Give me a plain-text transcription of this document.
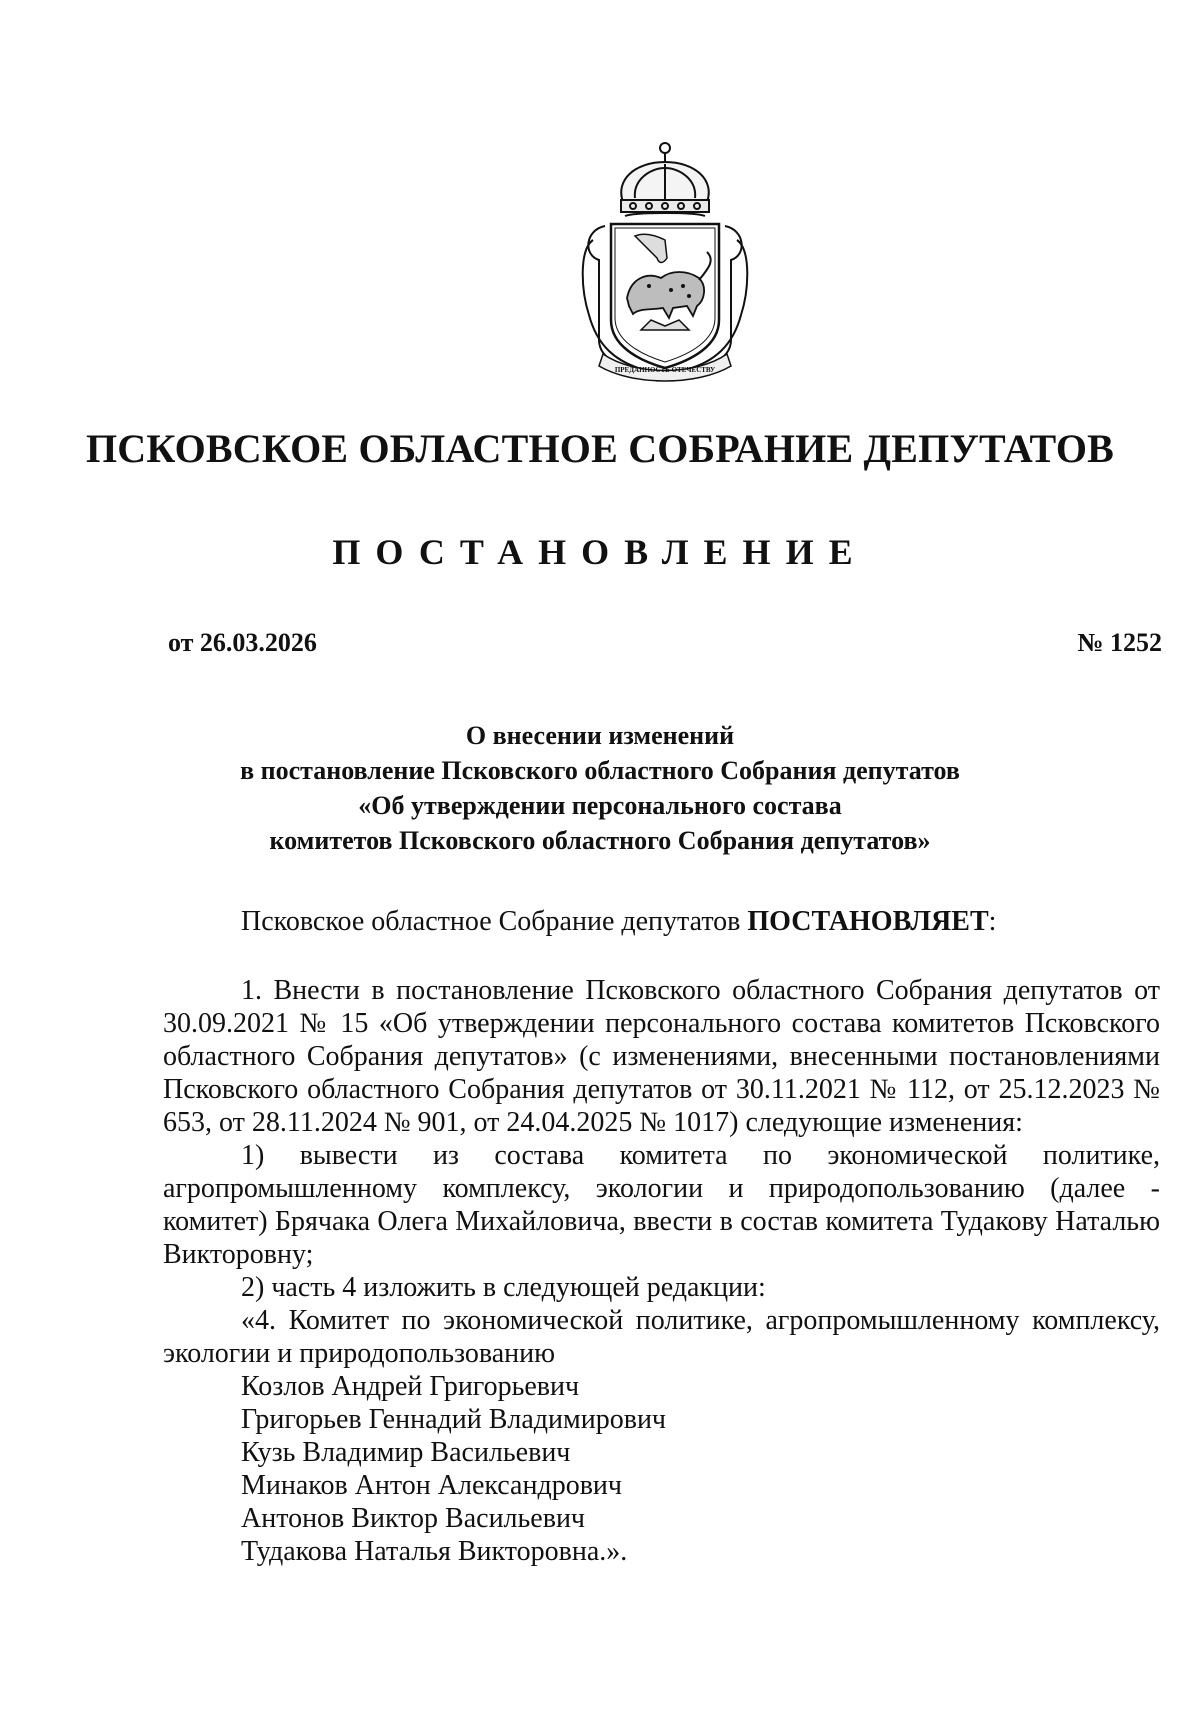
ПРЕДАННОСТЬ ОТЕЧЕСТВУ
ПСКОВСКОЕ ОБЛАСТНОЕ СОБРАНИЕ ДЕПУТАТОВ
ПОСТАНОВЛЕНИЕ
от 26.03.2026	№ 1252
О внесении изменений
в постановление Псковского областного Собрания депутатов
«Об утверждении персонального состава
комитетов Псковского областного Собрания депутатов»

Псковское областное Собрание депутатов ПОСТАНОВЛЯЕТ:

1. Внести в постановление Псковского областного Собрания депутатов от 30.09.2021 № 15 «Об утверждении персонального состава комитетов Псковского областного Собрания депутатов» (с изменениями, внесенными постановлениями Псковского областного Собрания депутатов от 30.11.2021 № 112, от 25.12.2023 № 653, от 28.11.2024 № 901, от 24.04.2025 № 1017) следующие изменения:

1) вывести из состава комитета по экономической политике, агропромышленному комплексу, экологии и природопользованию (далее - комитет) Брячака Олега Михайловича, ввести в состав комитета Тудакову Наталью Викторовну;

2) часть 4 изложить в следующей редакции:

«4. Комитет по экономической политике, агропромышленному комплексу, экологии и природопользованию

Козлов Андрей Григорьевич

Григорьев Геннадий Владимирович

Кузь Владимир Васильевич

Минаков Антон Александрович

Антонов Виктор Васильевич

Тудакова Наталья Викторовна.».
